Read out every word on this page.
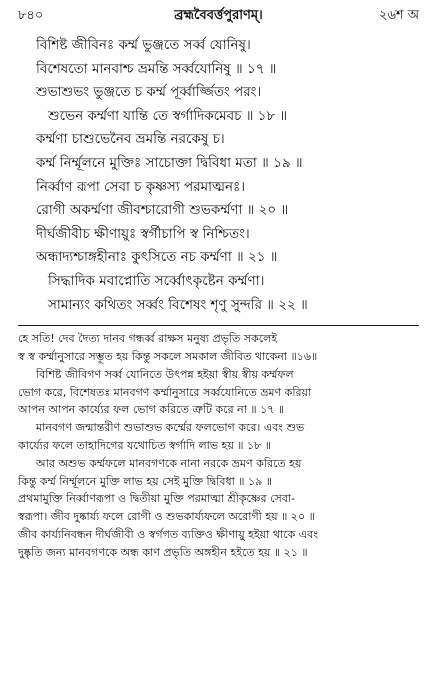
৮৪০	ব্রহ্মবৈবর্ত্তপুরাণম্।	২৬শ অ
বিশিষ্ট জীবিনঃ কর্ম্ম ভুঞ্জতে সর্ব্ব যোনিষু।
বিশেষতো মানবাশ্চ ভ্রমন্তি সর্ব্বযোনিষু ॥ ১৭ ॥
শুভাশুভং ভুঞ্জতে চ কর্ম্ম পূর্ব্বার্জ্জিতং পরং।
শুভেন কর্ম্মণা যান্তি তে স্বর্গাদিকমেবচ ॥ ১৮ ॥
কর্ম্মণা চাশুভেনৈব ভ্রমন্তি নরকেষু চ।
কর্ম্ম নির্ম্মূলনে মুক্তিঃ সাচোক্তা দ্বিবিধা মতা ॥ ১৯ ॥
নির্ব্বাণ রূপা সেবা চ কৃষ্ণস্য পরমাত্মনঃ।
রোগী অকর্ম্মণা জীবশ্চারোগী শুভকর্ম্মণা ॥ ২০ ॥
দীর্ঘজীবীচ ক্ষীণায়ুঃ স্বর্গীচাপি স্ব নিশ্চিতং।
অন্ধাদ্যশ্চাঙ্গহীনাঃ কুৎসিতে নচ কর্ম্মণা ॥ ২১ ॥
সিদ্ধাদিক মবাপ্নোতি সর্ব্বোৎকৃষ্টেন কর্ম্মণা।
সামান্যং কথিতং সর্ব্বং বিশেষং শৃণু সুন্দরি ॥ ২২ ॥
হে সতি! দেব দৈত্য দানব গন্ধর্ব্ব রাক্ষস মনুষ্য প্রভৃতি সকলেই
স্ব স্ব কর্ম্মানুসারে সম্ভূত হয় কিন্তু সকলে সমকাল জীবিত থাকেনা ॥১৬॥
বিশিষ্ট জীবিগণ সর্ব্ব যোনিতে উৎপন্ন হইয়া স্বীয় স্বীয় কর্ম্মফল
ভোগ করে, বিশেষতঃ মানবগণ কর্ম্মানুসারে সর্ব্বযোনিতে ভ্রমণ করিয়া
আপন আপন কার্য্যের ফল ভোগ করিতে ত্রুটি করে না ॥ ১৭ ॥
মানবগণ জন্মান্তরীণ শুভাশুভ কর্ম্মের ফলভোগ করে। এবং শুভ
কার্য্যের ফলে তাহাদিগের যথোচিত স্বর্গাদি লাভ হয় ॥ ১৮ ॥
আর অশুভ কর্ম্মফলে মানবগণকে নানা নরকে ভ্রমণ করিতে হয়
কিন্তু কর্ম্ম নির্ম্মূলনে মুক্তি লাভ হয় সেই মুক্তি দ্বিবিধা ॥ ১৯ ॥
প্রথমামুক্তি নির্ব্বাণরূপা ও দ্বিতীয়া মুক্তি পরমাত্মা শ্রীকৃষ্ণের সেবা-
স্বরূপা। জীব দুষ্কার্য্য ফলে রোগী ও শুভকার্য্যফলে অরোগী হয় ॥ ২০ ॥
জীব কার্য্যনিবন্ধন দীর্ঘজীবী ও স্বর্গগত ব্যক্তিও ক্ষীণায়ু হইয়া থাকে এবং
দুষ্কৃতি জন্য মানবগণকে অন্ধ কাণ প্রভৃতি অঙ্গহীন হইতে হয় ॥ ২১ ॥
